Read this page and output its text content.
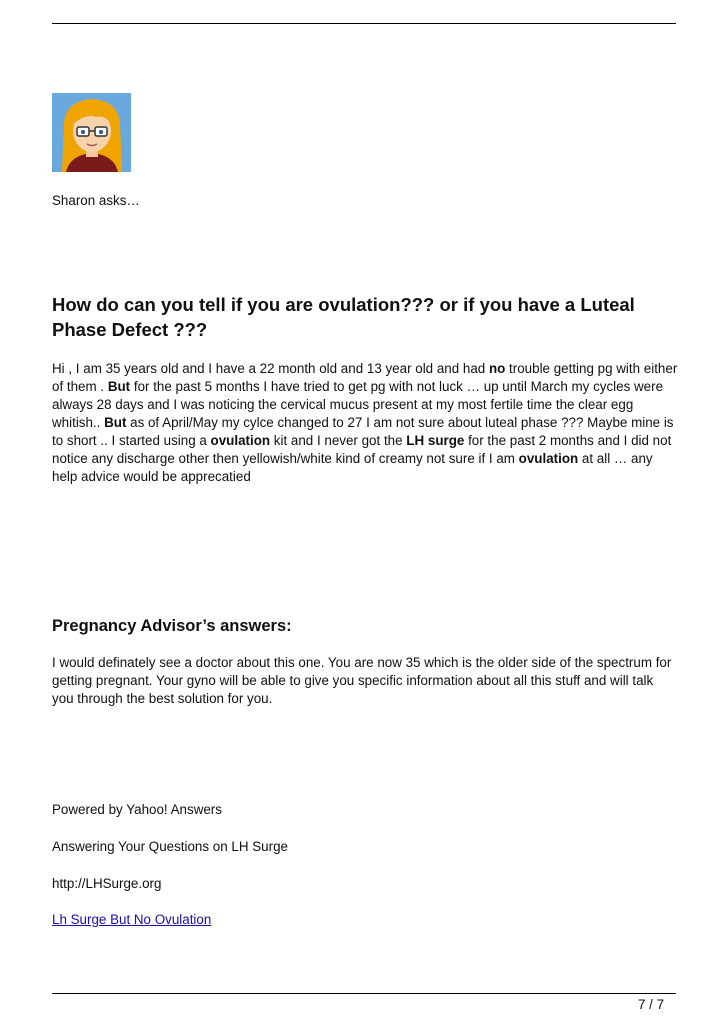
Sharon asks…

How do can you tell if you are ovulation??? or if you have a Luteal Phase Defect ???

Hi , I am 35 years old and I have a 22 month old and 13 year old and had no trouble getting pg with either of them . But for the past 5 months I have tried to get pg with not luck … up until March my cycles were always 28 days and I was noticing the cervical mucus present at my most fertile time the clear egg whitish.. But as of April/May my cylce changed to 27 I am not sure about luteal phase ??? Maybe mine is to short .. I started using a ovulation kit and I never got the LH surge for the past 2 months and I did not notice any discharge other then yellowish/white kind of creamy not sure if I am ovulation at all … any help advice would be apprecatied

Pregnancy Advisor’s answers:

I would definately see a doctor about this one. You are now 35 which is the older side of the spectrum for getting pregnant. Your gyno will be able to give you specific information about all this stuff and will talk you through the best solution for you.

Powered by Yahoo! Answers

Answering Your Questions on LH Surge

http://LHSurge.org

Lh Surge But No Ovulation

7 / 7
